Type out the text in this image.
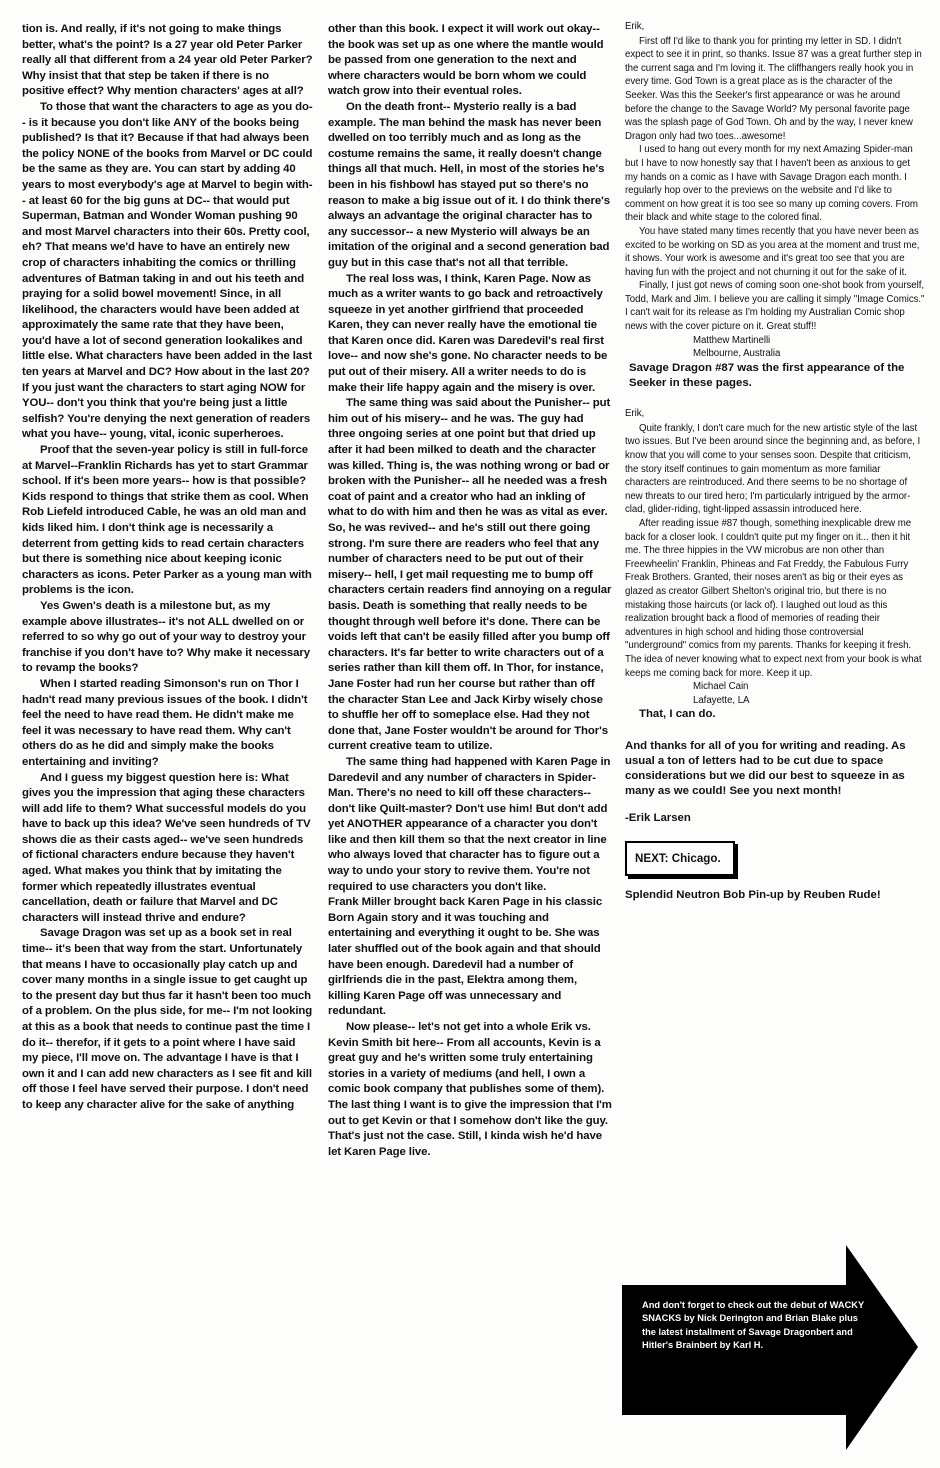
tion is. And really, if it's not going to make things better, what's the point? Is a 27 year old Peter Parker really all that different from a 24 year old Peter Parker? Why insist that that step be taken if there is no positive effect? Why mention characters' ages at all?

To those that want the characters to age as you do-- is it because you don't like ANY of the books being published? Is that it? Because if that had always been the policy NONE of the books from Marvel or DC could be the same as they are. You can start by adding 40 years to most everybody's age at Marvel to begin with-- at least 60 for the big guns at DC-- that would put Superman, Batman and Wonder Woman pushing 90 and most Marvel characters into their 60s. Pretty cool, eh? That means we'd have to have an entirely new crop of characters inhabiting the comics or thrilling adventures of Batman taking in and out his teeth and praying for a solid bowel movement! Since, in all likelihood, the characters would have been added at approximately the same rate that they have been, you'd have a lot of second generation lookalikes and little else. What characters have been added in the last ten years at Marvel and DC? How about in the last 20? If you just want the characters to start aging NOW for YOU-- don't you think that you're being just a little selfish? You're denying the next generation of readers what you have-- young, vital, iconic superheroes.

Proof that the seven-year policy is still in full-force at Marvel--Franklin Richards has yet to start Grammar school. If it's been more years-- how is that possible? Kids respond to things that strike them as cool. When Rob Liefeld introduced Cable, he was an old man and kids liked him. I don't think age is necessarily a deterrent from getting kids to read certain characters but there is something nice about keeping iconic characters as icons. Peter Parker as a young man with problems is the icon.

Yes Gwen's death is a milestone but, as my example above illustrates-- it's not ALL dwelled on or referred to so why go out of your way to destroy your franchise if you don't have to? Why make it necessary to revamp the books?

When I started reading Simonson's run on Thor I hadn't read many previous issues of the book. I didn't feel the need to have read them. He didn't make me feel it was necessary to have read them. Why can't others do as he did and simply make the books entertaining and inviting?

And I guess my biggest question here is: What gives you the impression that aging these characters will add life to them? What successful models do you have to back up this idea? We've seen hundreds of TV shows die as their casts aged-- we've seen hundreds of fictional characters endure because they haven't aged. What makes you think that by imitating the former which repeatedly illustrates eventual cancellation, death or failure that Marvel and DC characters will instead thrive and endure?

Savage Dragon was set up as a book set in real time-- it's been that way from the start. Unfortunately that means I have to occasionally play catch up and cover many months in a single issue to get caught up to the present day but thus far it hasn't been too much of a problem. On the plus side, for me-- I'm not looking at this as a book that needs to continue past the time I do it-- therefor, if it gets to a point where I have said my piece, I'll move on. The advantage I have is that I own it and I can add new characters as I see fit and kill off those I feel have served their purpose. I don't need to keep any character alive for the sake of anything

other than this book. I expect it will work out okay-- the book was set up as one where the mantle would be passed from one generation to the next and where characters would be born whom we could watch grow into their eventual roles.

On the death front-- Mysterio really is a bad example. The man behind the mask has never been dwelled on too terribly much and as long as the costume remains the same, it really doesn't change things all that much. Hell, in most of the stories he's been in his fishbowl has stayed put so there's no reason to make a big issue out of it. I do think there's always an advantage the original character has to any successor-- a new Mysterio will always be an imitation of the original and a second generation bad guy but in this case that's not all that terrible.

The real loss was, I think, Karen Page. Now as much as a writer wants to go back and retroactively squeeze in yet another girlfriend that proceeded Karen, they can never really have the emotional tie that Karen once did. Karen was Daredevil's real first love-- and now she's gone. No character needs to be put out of their misery. All a writer needs to do is make their life happy again and the misery is over.

The same thing was said about the Punisher-- put him out of his misery-- and he was. The guy had three ongoing series at one point but that dried up after it had been milked to death and the character was killed. Thing is, the was nothing wrong or bad or broken with the Punisher-- all he needed was a fresh coat of paint and a creator who had an inkling of what to do with him and then he was as vital as ever. So, he was revived-- and he's still out there going strong. I'm sure there are readers who feel that any number of characters need to be put out of their misery-- hell, I get mail requesting me to bump off characters certain readers find annoying on a regular basis. Death is something that really needs to be thought through well before it's done. There can be voids left that can't be easily filled after you bump off characters. It's far better to write characters out of a series rather than kill them off. In Thor, for instance, Jane Foster had run her course but rather than off the character Stan Lee and Jack Kirby wisely chose to shuffle her off to someplace else. Had they not done that, Jane Foster wouldn't be around for Thor's current creative team to utilize.

The same thing had happened with Karen Page in Daredevil and any number of characters in Spider-Man. There's no need to kill off these characters-- don't like Quilt-master? Don't use him! But don't add yet ANOTHER appearance of a character you don't like and then kill them so that the next creator in line who always loved that character has to figure out a way to undo your story to revive them. You're not required to use characters you don't like.

Frank Miller brought back Karen Page in his classic Born Again story and it was touching and entertaining and everything it ought to be. She was later shuffled out of the book again and that should have been enough. Daredevil had a number of girlfriends die in the past, Elektra among them, killing Karen Page off was unnecessary and redundant.

Now please-- let's not get into a whole Erik vs. Kevin Smith bit here-- From all accounts, Kevin is a great guy and he's written some truly entertaining stories in a variety of mediums (and hell, I own a comic book company that publishes some of them). The last thing I want is to give the impression that I'm out to get Kevin or that I somehow don't like the guy. That's just not the case. Still, I kinda wish he'd have let Karen Page live.

Erik,

First off I'd like to thank you for printing my letter in SD. I didn't expect to see it in print, so thanks. Issue 87 was a great further step in the current saga and I'm loving it. The cliffhangers really hook you in every time. God Town is a great place as is the character of the Seeker. Was this the Seeker's first appearance or was he around before the change to the Savage World? My personal favorite page was the splash page of God Town. Oh and by the way, I never knew Dragon only had two toes...awesome!

I used to hang out every month for my next Amazing Spider-man but I have to now honestly say that I haven't been as anxious to get my hands on a comic as I have with Savage Dragon each month. I regularly hop over to the previews on the website and I'd like to comment on how great it is too see so many up coming covers. From their black and white stage to the colored final.

You have stated many times recently that you have never been as excited to be working on SD as you area at the moment and trust me, it shows. Your work is awesome and it's great too see that you are having fun with the project and not churning it out for the sake of it.

Finally, I just got news of coming soon one-shot book from yourself, Todd, Mark and Jim. I believe you are calling it simply "Image Comics." I can't wait for its release as I'm holding my Australian Comic shop news with the cover picture on it. Great stuff!!

Matthew Martinelli

Melbourne, Australia

Savage Dragon #87 was the first appearance of the Seeker in these pages.

Erik,

Quite frankly, I don't care much for the new artistic style of the last two issues. But I've been around since the beginning and, as before, I know that you will come to your senses soon. Despite that criticism, the story itself continues to gain momentum as more familiar characters are reintroduced. And there seems to be no shortage of new threats to our tired hero; I'm particularly intrigued by the armor-clad, glider-riding, tight-lipped assassin introduced here.

After reading issue #87 though, something inexplicable drew me back for a closer look. I couldn't quite put my finger on it... then it hit me. The three hippies in the VW microbus are non other than Freewheelin' Franklin, Phineas and Fat Freddy, the Fabulous Furry Freak Brothers. Granted, their noses aren't as big or their eyes as glazed as creator Gilbert Shelton's original trio, but there is no mistaking those haircuts (or lack of). I laughed out loud as this realization brought back a flood of memories of reading their adventures in high school and hiding those controversial "underground" comics from my parents. Thanks for keeping it fresh. The idea of never knowing what to expect next from your book is what keeps me coming back for more. Keep it up.

Michael Cain

Lafayette, LA

That, I can do.

And thanks for all of you for writing and reading. As usual a ton of letters had to be cut due to space considerations but we did our best to squeeze in as many as we could! See you next month!

-Erik Larsen

NEXT: Chicago.

Splendid Neutron Bob Pin-up by Reuben Rude!

And don't forget to check out the debut of WACKY SNACKS by Nick Derington and Brian Blake plus the latest installment of Savage Dragonbert and Hitler's Brainbert by Karl H.
